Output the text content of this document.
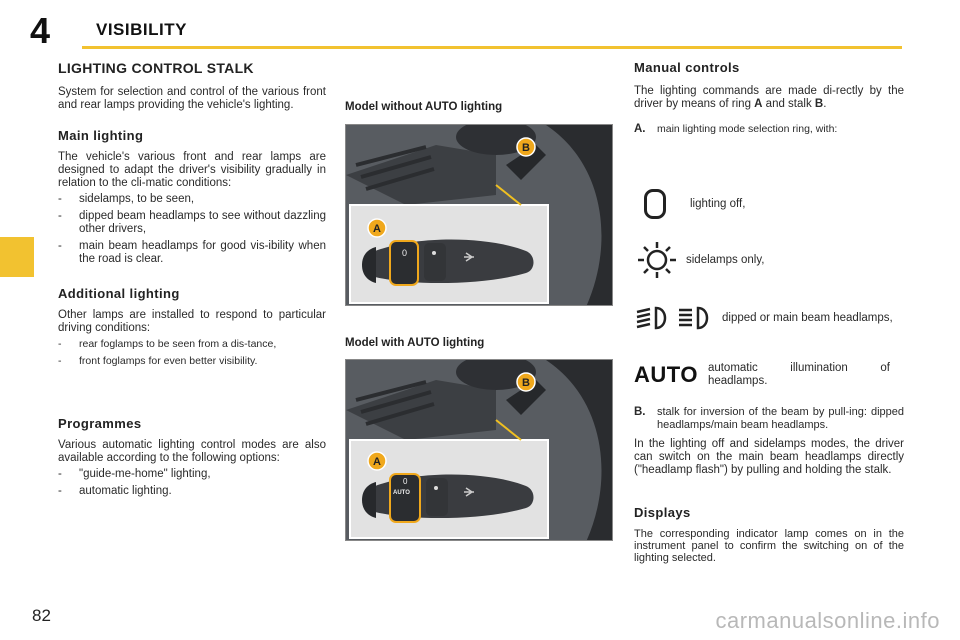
4	VISIBILITY
LIGHTING CONTROL STALK

System for selection and control of the various front and rear lamps providing the vehicle's lighting.

Main lighting

The vehicle's various front and rear lamps are designed to adapt the driver's visibility gradually in relation to the cli-matic conditions:

- sidelamps, to be seen,
- dipped beam headlamps to see without dazzling other drivers,
- main beam headlamps for good vis-ibility when the road is clear.
Additional lighting

Other lamps are installed to respond to particular driving conditions:

- rear foglamps to be seen from a dis-tance,
- front foglamps for even better visibility.
Programmes

Various automatic lighting control modes are also available according to the following options:

- "guide-me-home" lighting,
- automatic lighting.
Model without AUTO lighting
0
A
B
Model with AUTO lighting
0
AUTO
A
B
Manual controls

The lighting commands are made di-rectly by the driver by means of ring A and stalk B.

A. main lighting mode selection ring, with:

lighting off,
sidelamps only,
dipped or main beam headlamps,
AUTO automatic illumination of headlamps.

B. stalk for inversion of the beam by pull-ing: dipped headlamps/main beam headlamps.

In the lighting off and sidelamps modes, the driver can switch on the main beam headlamps directly ("headlamp flash") by pulling and holding the stalk.

Displays

The corresponding indicator lamp comes on in the instrument panel to confirm the switching on of the lighting selected.

82	carmanualsonline.info
